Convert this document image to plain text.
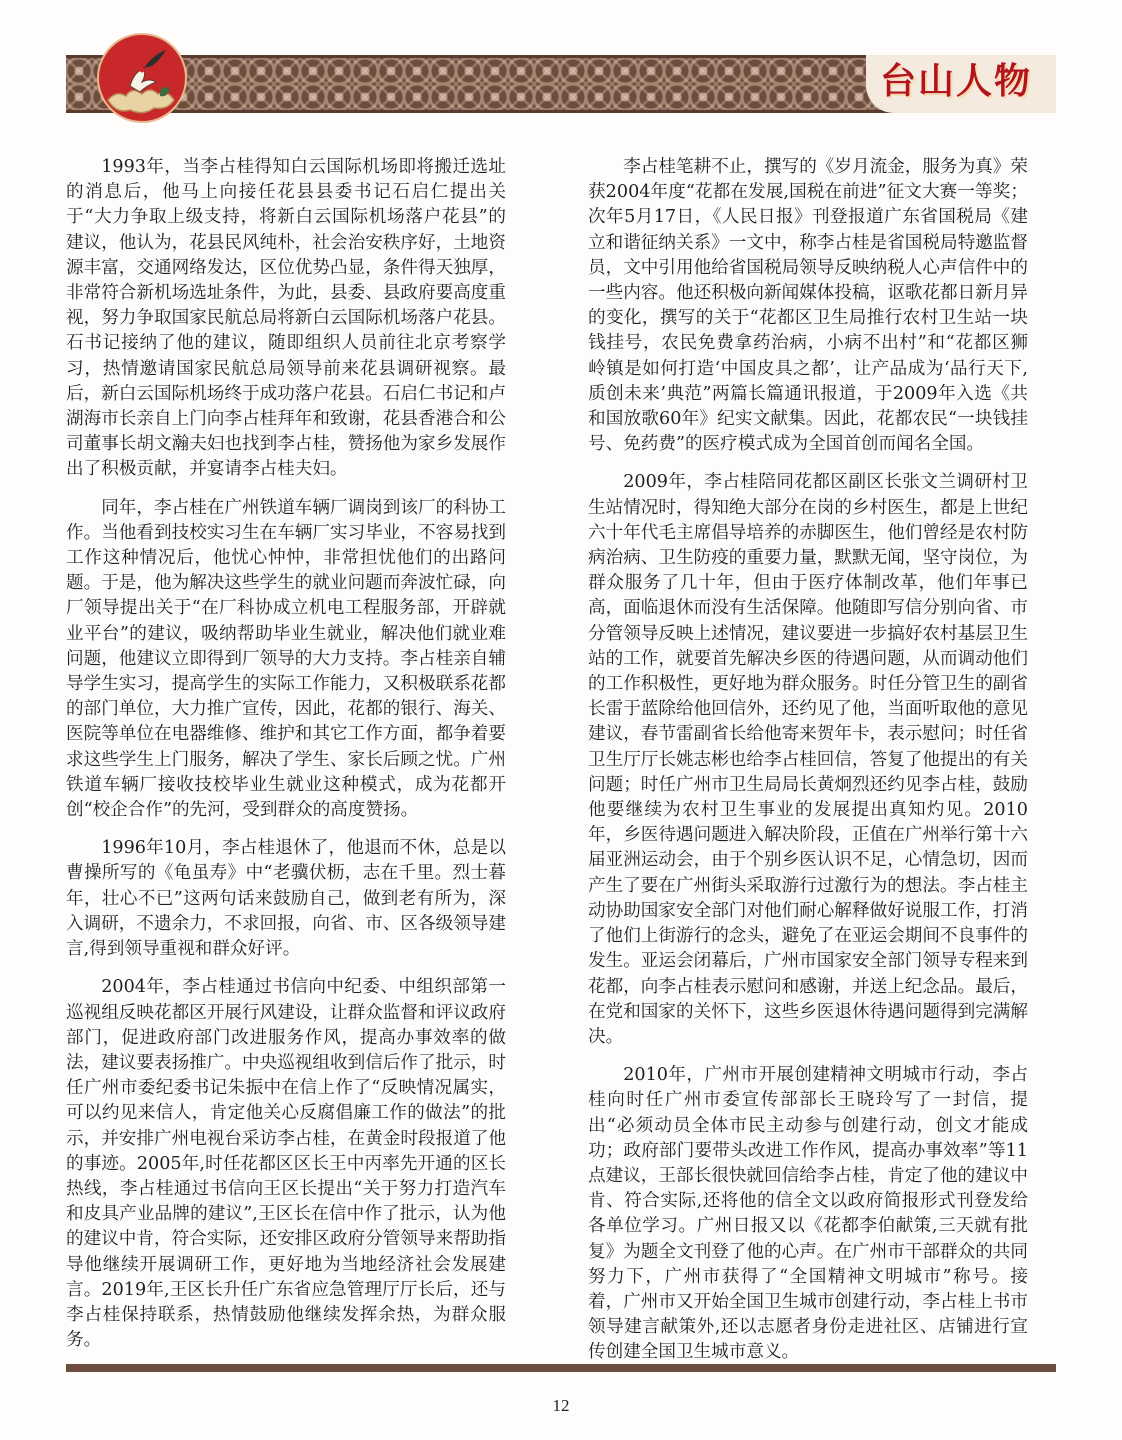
台山人物

1993年，当李占桂得知白云国际机场即将搬迁选址的消息后，他马上向接任花县县委书记石启仁提出关于“大力争取上级支持，将新白云国际机场落户花县”的建议，他认为，花县民风纯朴，社会治安秩序好，土地资源丰富，交通网络发达，区位优势凸显，条件得天独厚，非常符合新机场选址条件，为此，县委、县政府要高度重视，努力争取国家民航总局将新白云国际机场落户花县。石书记接纳了他的建议，随即组织人员前往北京考察学习，热情邀请国家民航总局领导前来花县调研视察。最后，新白云国际机场终于成功落户花县。石启仁书记和卢湖海市长亲自上门向李占桂拜年和致谢，花县香港合和公司董事长胡文瀚夫妇也找到李占桂，赞扬他为家乡发展作出了积极贡献，并宴请李占桂夫妇。

同年，李占桂在广州铁道车辆厂调岗到该厂的科协工作。当他看到技校实习生在车辆厂实习毕业，不容易找到工作这种情况后，他忧心忡忡，非常担忧他们的出路问题。于是，他为解决这些学生的就业问题而奔波忙碌，向厂领导提出关于“在厂科协成立机电工程服务部，开辟就业平台”的建议，吸纳帮助毕业生就业，解决他们就业难问题，他建议立即得到厂领导的大力支持。李占桂亲自辅导学生实习，提高学生的实际工作能力，又积极联系花都的部门单位，大力推广宣传，因此，花都的银行、海关、医院等单位在电器维修、维护和其它工作方面，都争着要求这些学生上门服务，解决了学生、家长后顾之忧。广州铁道车辆厂接收技校毕业生就业这种模式，成为花都开创“校企合作”的先河，受到群众的高度赞扬。

1996年10月，李占桂退休了，他退而不休，总是以曹操所写的《龟虽寿》中“老骥伏枥，志在千里。烈士暮年，壮心不已”这两句话来鼓励自己，做到老有所为，深入调研，不遗余力，不求回报，向省、市、区各级领导建言,得到领导重视和群众好评。

2004年，李占桂通过书信向中纪委、中组织部第一巡视组反映花都区开展行风建设，让群众监督和评议政府部门，促进政府部门改进服务作风，提高办事效率的做法，建议要表扬推广。中央巡视组收到信后作了批示，时任广州市委纪委书记朱振中在信上作了“反映情况属实，可以约见来信人，肯定他关心反腐倡廉工作的做法”的批示，并安排广州电视台采访李占桂，在黄金时段报道了他的事迹。2005年,时任花都区区长王中丙率先开通的区长热线，李占桂通过书信向王区长提出“关于努力打造汽车和皮具产业品牌的建议”,王区长在信中作了批示，认为他的建议中肯，符合实际，还安排区政府分管领导来帮助指导他继续开展调研工作，更好地为当地经济社会发展建言。2019年,王区长升任广东省应急管理厅厅长后，还与李占桂保持联系，热情鼓励他继续发挥余热，为群众服务。

李占桂笔耕不止，撰写的《岁月流金，服务为真》荣获2004年度“花都在发展,国税在前进”征文大赛一等奖；次年5月17日，《人民日报》刊登报道广东省国税局《建立和谐征纳关系》一文中，称李占桂是省国税局特邀监督员，文中引用他给省国税局领导反映纳税人心声信件中的一些内容。他还积极向新闻媒体投稿，讴歌花都日新月异的变化，撰写的关于“花都区卫生局推行农村卫生站一块钱挂号，农民免费拿药治病，小病不出村”和“花都区狮岭镇是如何打造‘中国皮具之都’，让产品成为‘品行天下,质创未来’典范”两篇长篇通讯报道，于2009年入选《共和国放歌60年》纪实文献集。因此，花都农民“一块钱挂号、免药费”的医疗模式成为全国首创而闻名全国。

2009年，李占桂陪同花都区副区长张文兰调研村卫生站情况时，得知绝大部分在岗的乡村医生，都是上世纪六十年代毛主席倡导培养的赤脚医生，他们曾经是农村防病治病、卫生防疫的重要力量，默默无闻，坚守岗位，为群众服务了几十年，但由于医疗体制改革，他们年事已高，面临退休而没有生活保障。他随即写信分别向省、市分管领导反映上述情况，建议要进一步搞好农村基层卫生站的工作，就要首先解决乡医的待遇问题，从而调动他们的工作积极性，更好地为群众服务。时任分管卫生的副省长雷于蓝除给他回信外，还约见了他，当面听取他的意见建议，春节雷副省长给他寄来贺年卡，表示慰问；时任省卫生厅厅长姚志彬也给李占桂回信，答复了他提出的有关问题；时任广州市卫生局局长黄炯烈还约见李占桂，鼓励他要继续为农村卫生事业的发展提出真知灼见。2010年，乡医待遇问题进入解决阶段，正值在广州举行第十六届亚洲运动会，由于个别乡医认识不足，心情急切，因而产生了要在广州街头采取游行过激行为的想法。李占桂主动协助国家安全部门对他们耐心解释做好说服工作，打消了他们上街游行的念头，避免了在亚运会期间不良事件的发生。亚运会闭幕后，广州市国家安全部门领导专程来到花都，向李占桂表示慰问和感谢，并送上纪念品。最后，在党和国家的关怀下，这些乡医退休待遇问题得到完满解决。

2010年，广州市开展创建精神文明城市行动，李占桂向时任广州市委宣传部部长王晓玲写了一封信，提出“必须动员全体市民主动参与创建行动，创文才能成功；政府部门要带头改进工作作风，提高办事效率”等11点建议，王部长很快就回信给李占桂，肯定了他的建议中肯、符合实际,还将他的信全文以政府简报形式刊登发给各单位学习。广州日报又以《花都李伯献策,三天就有批复》为题全文刊登了他的心声。在广州市干部群众的共同努力下，广州市获得了“全国精神文明城市”称号。接着，广州市又开始全国卫生城市创建行动，李占桂上书市领导建言献策外,还以志愿者身份走进社区、店铺进行宣传创建全国卫生城市意义。

12
